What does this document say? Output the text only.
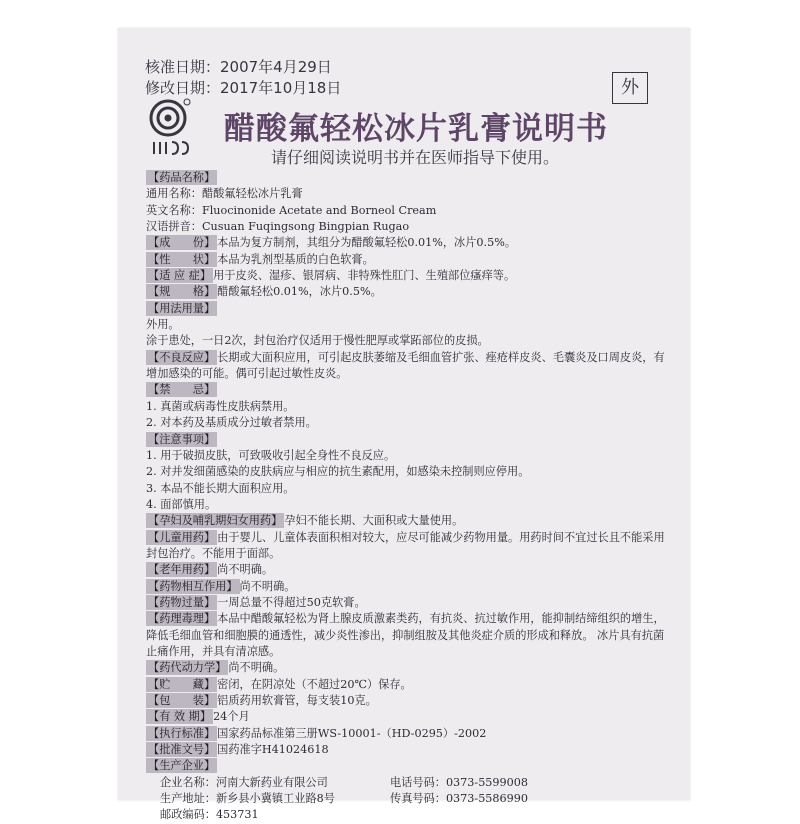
核准日期：2007年4月29日
修改日期：2017年10月18日	外
醋酸氟轻松冰片乳膏说明书
请仔细阅读说明书并在医师指导下使用。
【药品名称】
通用名称：醋酸氟轻松冰片乳膏
英文名称：Fluocinonide Acetate and Borneol Cream
汉语拼音：Cusuan Fuqingsong Bingpian Rugao
【成　　份】 本品为复方制剂，其组分为醋酸氟轻松0.01%，冰片0.5%。
【性　　状】 本品为乳剂型基质的白色软膏。
【适 应 症】 用于皮炎、湿疹、银屑病、非特殊性肛门、生殖部位瘙痒等。
【规　　格】 醋酸氟轻松0.01%，冰片0.5%。
【用法用量】
外用。
涂于患处，一日2次，封包治疗仅适用于慢性肥厚或掌跖部位的皮损。
【不良反应】 长期或大面积应用，可引起皮肤萎缩及毛细血管扩张、痤疮样皮炎、毛囊炎及口周皮炎，有增加感染的可能。偶可引起过敏性皮炎。
【禁　　忌】
1. 真菌或病毒性皮肤病禁用。
2. 对本药及基质成分过敏者禁用。
【注意事项】
1. 用于破损皮肤，可致吸收引起全身性不良反应。
2. 对并发细菌感染的皮肤病应与相应的抗生素配用，如感染未控制则应停用。
3. 本品不能长期大面积应用。
4. 面部慎用。
【孕妇及哺乳期妇女用药】 孕妇不能长期、大面积或大量使用。
【儿童用药】 由于婴儿、儿童体表面积相对较大，应尽可能减少药物用量。用药时间不宜过长且不能采用封包治疗。不能用于面部。
【老年用药】 尚不明确。
【药物相互作用】 尚不明确。
【药物过量】 一周总量不得超过50克软膏。
【药理毒理】 本品中醋酸氟轻松为肾上腺皮质激素类药，有抗炎、抗过敏作用，能抑制结缔组织的增生，降低毛细血管和细胞膜的通透性，减少炎性渗出，抑制组胺及其他炎症介质的形成和释放。 冰片具有抗菌止痛作用，并具有清凉感。
【药代动力学】 尚不明确。
【贮　　藏】 密闭，在阴凉处（不超过20℃）保存。
【包　　装】 铝质药用软膏管，每支装10克。
【有 效 期】 24个月
【执行标准】 国家药品标准第三册WS-10001-（HD-0295）-2002
【批准文号】 国药准字H41024618
【生产企业】
企业名称：河南大新药业有限公司	电话号码：0373-5599008
生产地址：新乡县小冀镇工业路8号	传真号码：0373-5586990
邮政编码：453731
